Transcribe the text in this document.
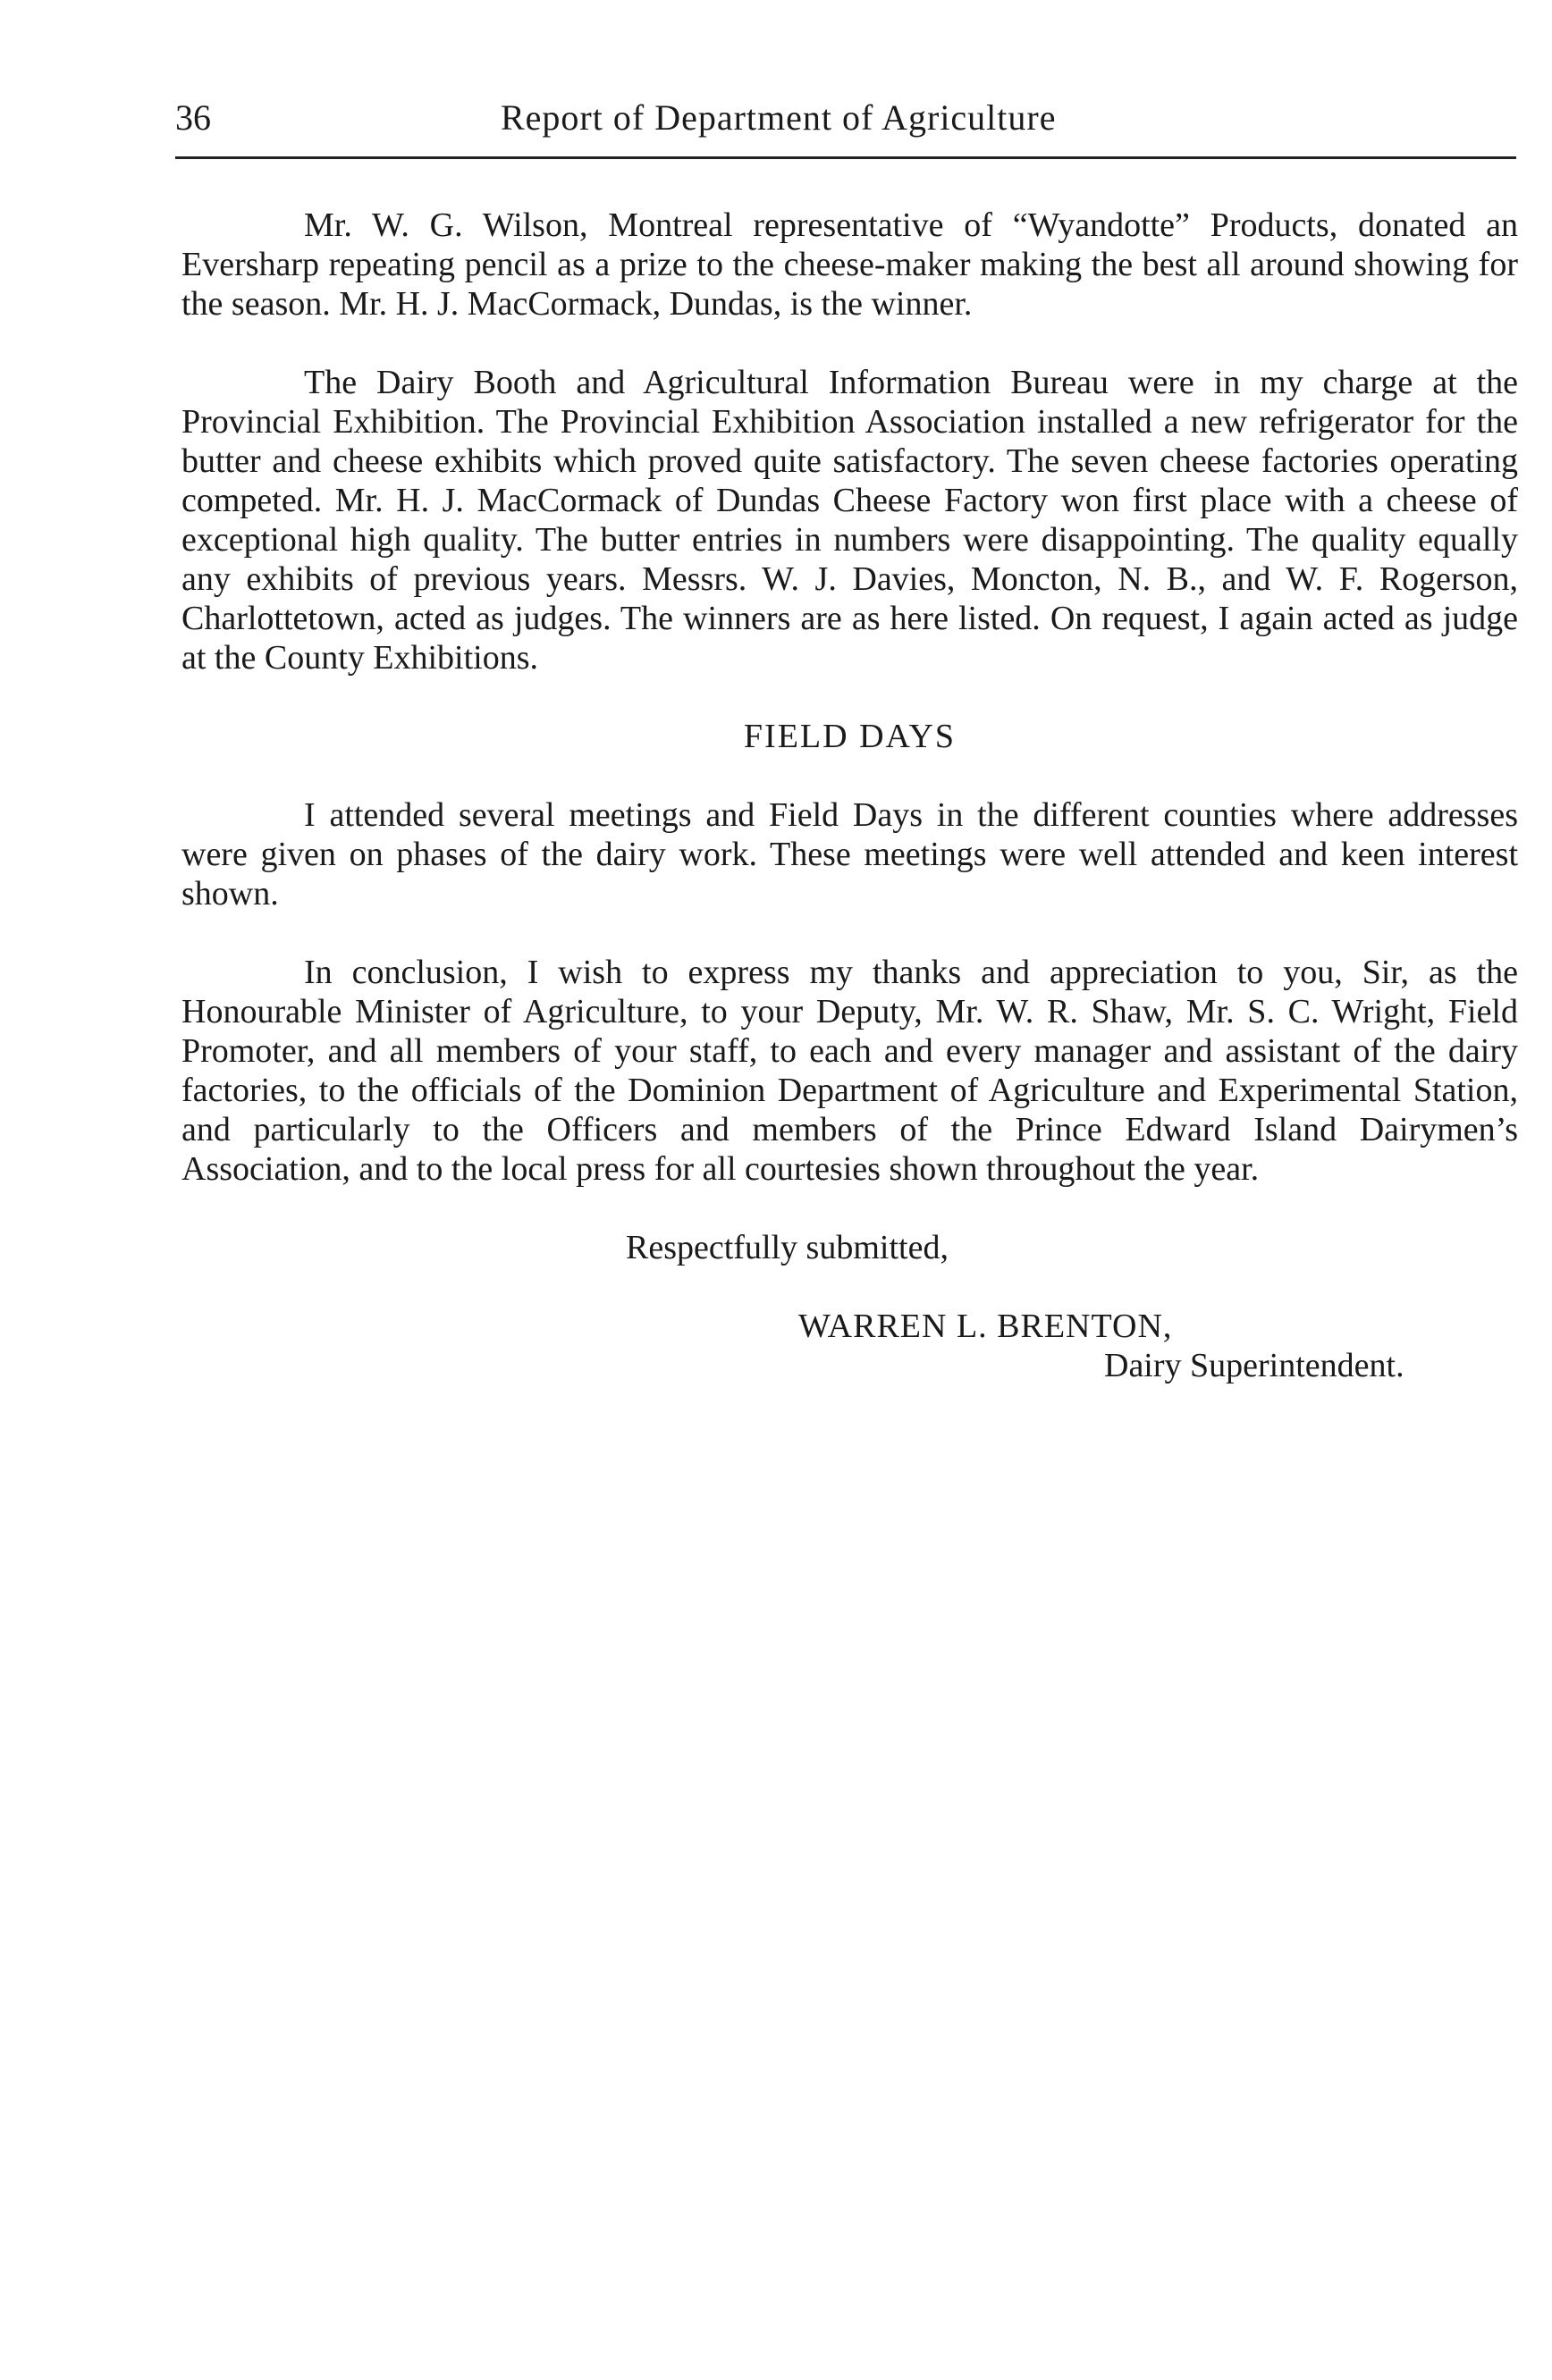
36	Report of Department of Agriculture

Mr. W. G. Wilson, Montreal representative of “Wyandotte” Products, donated an Eversharp repeating pencil as a prize to the cheese-maker making the best all around showing for the season. Mr. H. J. MacCormack, Dundas, is the winner.

The Dairy Booth and Agricultural Information Bureau were in my charge at the Provincial Exhibition. The Provincial Exhibition Association installed a new refrigerator for the butter and cheese exhibits which proved quite satisfactory. The seven cheese factories operating competed. Mr. H. J. MacCormack of Dundas Cheese Factory won first place with a cheese of exceptional high quality. The butter entries in numbers were disappointing. The quality equally any exhibits of previous years. Messrs. W. J. Davies, Moncton, N. B., and W. F. Rogerson, Charlottetown, acted as judges. The winners are as here listed. On request, I again acted as judge at the County Exhibitions.

FIELD DAYS

I attended several meetings and Field Days in the different counties where addresses were given on phases of the dairy work. These meetings were well attended and keen interest shown.

In conclusion, I wish to express my thanks and appreciation to you, Sir, as the Honourable Minister of Agriculture, to your Deputy, Mr. W. R. Shaw, Mr. S. C. Wright, Field Promoter, and all members of your staff, to each and every manager and assistant of the dairy factories, to the officials of the Dominion Department of Agriculture and Experimental Station, and particularly to the Officers and members of the Prince Edward Island Dairymen’s Association, and to the local press for all courtesies shown throughout the year.

Respectfully submitted,

WARREN L. BRENTON,

Dairy Superintendent.
